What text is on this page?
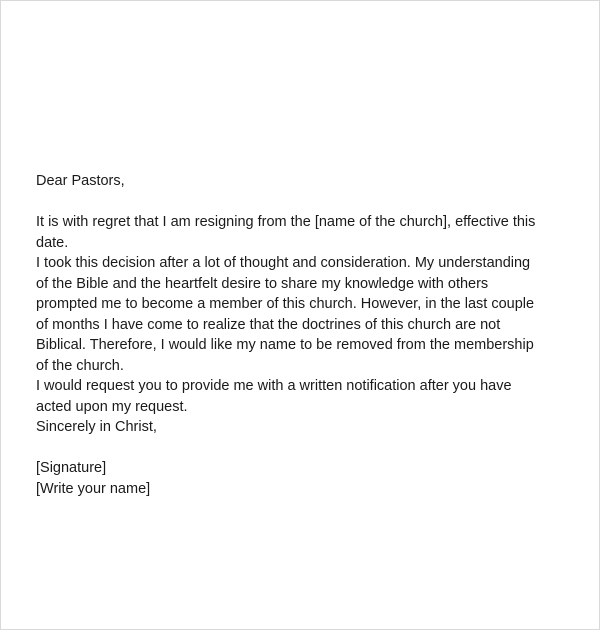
Dear Pastors,
It is with regret that I am resigning from the [name of the church], effective this
date.
I took this decision after a lot of thought and consideration. My understanding
of the Bible and the heartfelt desire to share my knowledge with others
prompted me to become a member of this church. However, in the last couple
of months I have come to realize that the doctrines of this church are not
Biblical. Therefore, I would like my name to be removed from the membership
of the church.
I would request you to provide me with a written notification after you have
acted upon my request.
Sincerely in Christ,
[Signature]
[Write your name]
